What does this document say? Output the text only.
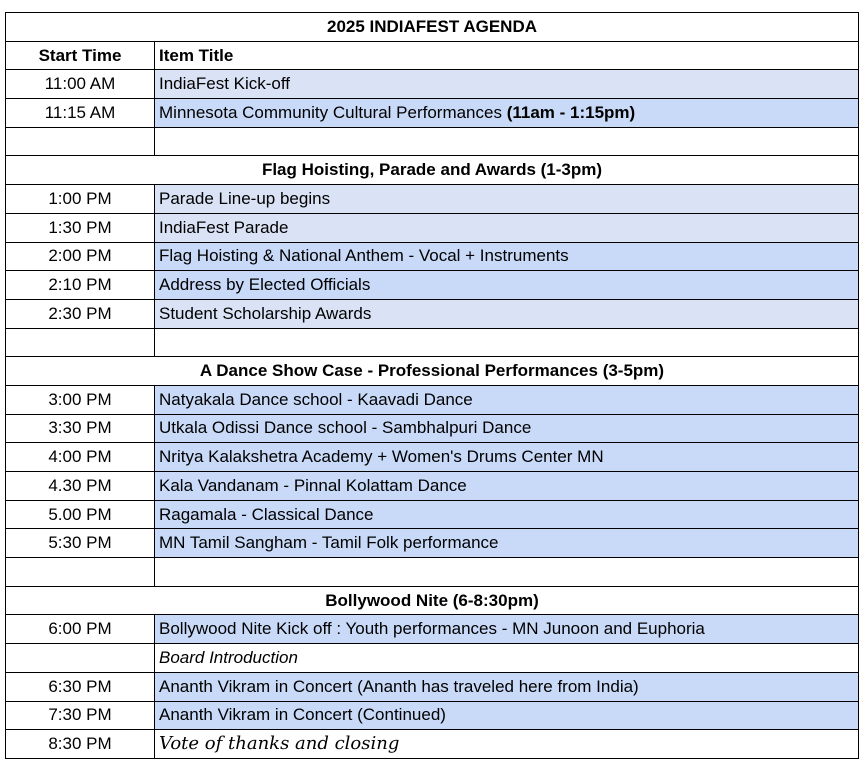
2025 INDIAFEST AGENDA	
Start Time	Item Title
11:00 AM	IndiaFest Kick-off
11:15 AM	Minnesota Community Cultural Performances (11am - 1:15pm)

Flag Hoisting, Parade and Awards (1-3pm)	
1:00 PM	Parade Line-up begins
1:30 PM	IndiaFest Parade
2:00 PM	Flag Hoisting & National Anthem - Vocal + Instruments
2:10 PM	Address by Elected Officials
2:30 PM	Student Scholarship Awards

A Dance Show Case - Professional Performances (3-5pm)	
3:00 PM	Natyakala Dance school - Kaavadi Dance
3:30 PM	Utkala Odissi Dance school - Sambhalpuri Dance
4:00 PM	Nritya Kalakshetra Academy + Women's Drums Center MN
4.30 PM	Kala Vandanam - Pinnal Kolattam Dance
5.00 PM	Ragamala - Classical Dance
5:30 PM	MN Tamil Sangham - Tamil Folk performance

Bollywood Nite (6-8:30pm)	
6:00 PM	Bollywood Nite Kick off : Youth performances - MN Junoon and Euphoria
	Board Introduction
6:30 PM	Ananth Vikram in Concert (Ananth has traveled here from India)
7:30 PM	Ananth Vikram in Concert (Continued)
8:30 PM	Vote of thanks and closing
